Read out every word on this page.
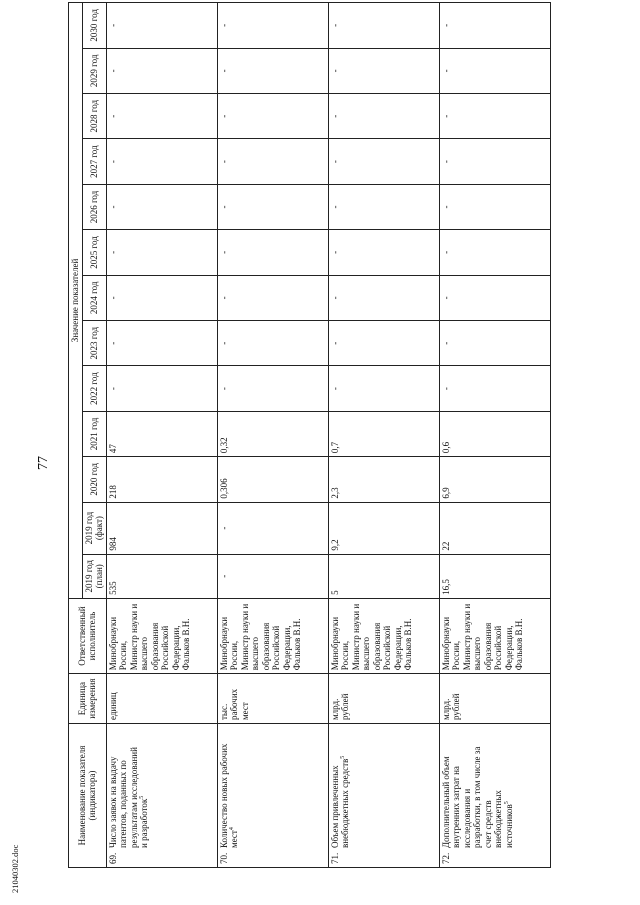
77
21040302.doc
Наименование показателя (индикатора)	Единица измерения	Ответственный исполнитель	Значение показателей												
			2019 год (план)	2019 год (факт)	2020 год	2021 год	2022 год	2023 год	2024 год	2025 год	2026 год	2027 год	2028 год	2029 год	2030 год
69.Число заявок на выдачу патентов, поданных по результатам исследований и разработок$^5$	единиц	Минобрнауки России,
Министр науки и высшего образования Российской Федерации,
Фальков В.Н.	535	984	218	47	-	-	-	-	-	-	-	-	-
70.Количество новых рабочих мест$^4$	тыс. рабочих мест	Минобрнауки России,
Министр науки и высшего образования Российской Федерации,
Фальков В.Н.	-	-	0,306	0,32	-	-	-	-	-	-	-	-	-
71.Объем привлеченных внебюджетных средств$^5$	млрд. рублей	Минобрнауки России,
Министр науки и высшего образования Российской Федерации,
Фальков В.Н.	5	9,2	2,3	0,7	-	-	-	-	-	-	-	-	-
72.Дополнительный объем внутренних затрат на исследования и разработки, в том числе за счет средств внебюджетных источников$^5$	млрд. рублей	Минобрнауки России,
Министр науки и высшего образования Российской Федерации,
Фальков В.Н.	16,5	22	6,9	0,6	-	-	-	-	-	-	-	-	-
